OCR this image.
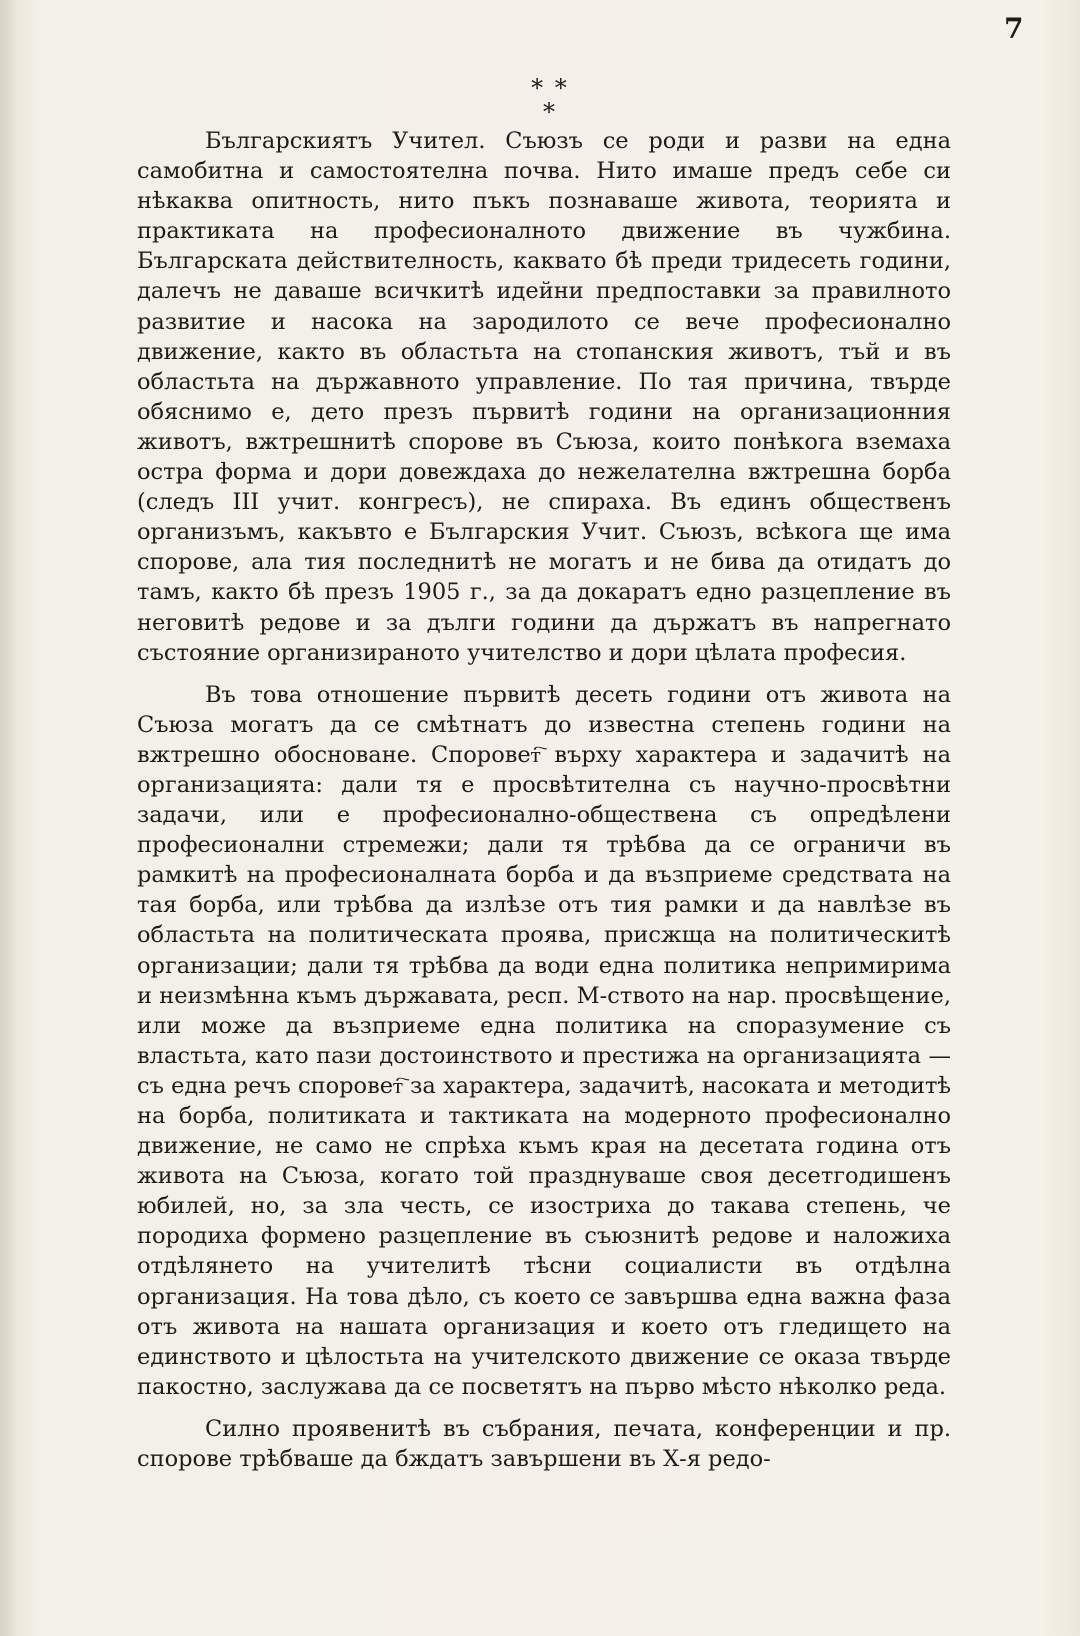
7
* * *

Българскиятъ Учител. Съюзъ се роди и разви на една самобитна и самостоятелна почва. Нито имаше предъ себе си нѣкаква опитность, нито пъкъ познаваше живота, теорията и практиката на професионалното движение въ чужбина. Българската действителность, каквато бѣ преди тридесеть години, далечъ не даваше всичкитѣ идейни предпоставки за правилното развитие и насока на зародилото се вече професионално движение, както въ областьта на стопанския животъ, тъй и въ областьта на държавното управление. По тая причина, твърде обяснимо е, дето презъ първитѣ години на организационния животъ, вжтрешнитѣ спорове въ Съюза, които понѣкога вземаха остра форма и дори довеждаха до нежелателна вжтрешна борба (следъ III учит. конгресъ), не спираха. Въ единъ общественъ организъмъ, какъвто е Българския Учит. Съюзъ, всѣкога ще има спорове, ала тия последнитѣ не могатъ и не бива да отидатъ до тамъ, както бѣ презъ 1905 г., за да докаратъ едно разцепление въ неговитѣ редове и за дълги години да държатъ въ напрегнато състояние организираното учителство и дори цѣлата професия.

Въ това отношение първитѣ десеть години отъ живота на Съюза могатъ да се смѣтнатъ до известна степень години на вжтрешно обосноване. Споровет҇ върху характера и задачитѣ на организацията: дали тя е просвѣтителна съ научно-просвѣтни задачи, или е професионално-обществена съ опредѣлени професионални стремежи; дали тя трѣбва да се ограничи въ рамкитѣ на професионалната борба и да възприеме средствата на тая борба, или трѣбва да излѣзе отъ тия рамки и да навлѣзе въ областьта на политическата проява, присжща на политическитѣ организации; дали тя трѣбва да води една политика непримирима и неизмѣнна къмъ държавата, респ. М-ството на нар. просвѣщение, или може да възприеме една политика на споразумение съ властьта, като пази достоинството и престижа на организацията — съ една речъ споровет҇ за характера, задачитѣ, насоката и методитѣ на борба, политиката и тактиката на модерното професионално движение, не само не спрѣха къмъ края на десетата година отъ живота на Съюза, когато той празднуваше своя десетгодишенъ юбилей, но, за зла честь, се изостриха до такава степень, че породиха формено разцепление въ съюзнитѣ редове и наложиха отдѣлянето на учителитѣ тѣсни социалисти въ отдѣлна организация. На това дѣло, съ което се завършва една важна фаза отъ живота на нашата организация и което отъ гледището на единството и цѣлостьта на учителското движение се оказа твърде пакостно, заслужава да се посветятъ на първо мѣсто нѣколко реда.

Силно проявенитѣ въ събрания, печата, конференции и пр. спорове трѣбваше да бждатъ завършени въ Х-я редо-
